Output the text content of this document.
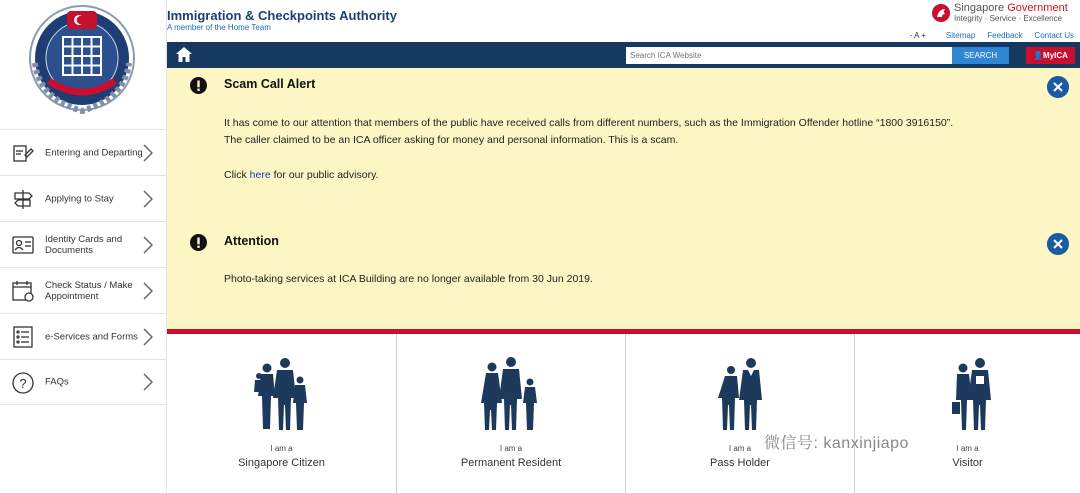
Entering and Departing
Applying to Stay
Identity Cards and Documents
Check Status / Make Appointment
e-Services and Forms
? FAQs
Immigration & Checkpoints Authority
A member of the Home Team
Singapore Government
Integrity · Service · Excellence
- A +	Sitemap Feedback Contact Us
Search ICA Website
SEARCH	👤MyICA
Scam Call Alert
It has come to our attention that members of the public have received calls from different numbers, such as the Immigration Offender hotline “1800 3916150”.
The caller claimed to be an ICA officer asking for money and personal information. This is a scam.
Click here for our public advisory.
Attention
Photo-taking services at ICA Building are no longer available from 30 Jun 2019.
I am a
Singapore Citizen
I am a
Permanent Resident
I am a
Pass Holder
I am a
Visitor
微信号: kanxinjiapo
